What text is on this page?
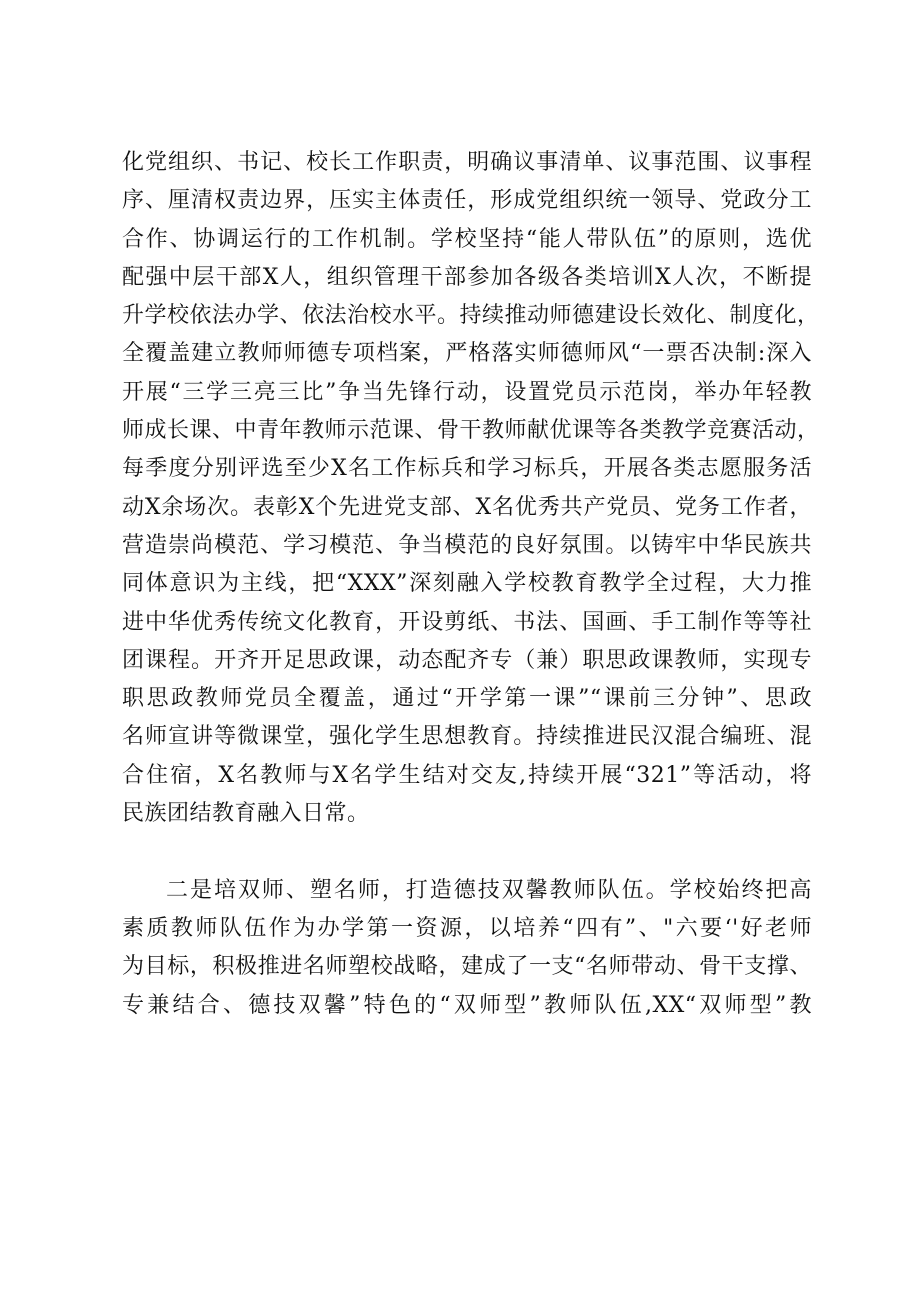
化党组织、书记、校长工作职责，明确议事清单、议事范围、议事程
序、厘清权责边界，压实主体责任，形成党组织统一领导、党政分工
合作、协调运行的工作机制。学校坚持“能人带队伍”的原则，选优
配强中层干部X人，组织管理干部参加各级各类培训X人次，不断提
升学校依法办学、依法治校水平。持续推动师德建设长效化、制度化，
全覆盖建立教师师德专项档案，严格落实师德师风“一票否决制:深入
开展“三学三亮三比”争当先锋行动，设置党员示范岗，举办年轻教
师成长课、中青年教师示范课、骨干教师献优课等各类教学竞赛活动，
每季度分别评选至少X名工作标兵和学习标兵，开展各类志愿服务活
动X余场次。表彰X个先进党支部、X名优秀共产党员、党务工作者，
营造崇尚模范、学习模范、争当模范的良好氛围。以铸牢中华民族共
同体意识为主线，把“XXX”深刻融入学校教育教学全过程，大力推
进中华优秀传统文化教育，开设剪纸、书法、国画、手工制作等等社
团课程。开齐开足思政课，动态配齐专（兼）职思政课教师，实现专
职思政教师党员全覆盖，通过“开学第一课”“课前三分钟”、思政
名师宣讲等微课堂，强化学生思想教育。持续推进民汉混合编班、混
合住宿，X名教师与X名学生结对交友,持续开展“321”等活动，将
民族团结教育融入日常。
二是培双师、塑名师，打造德技双馨教师队伍。学校始终把高
素质教师队伍作为办学第一资源，以培养“四有”、"六要‘'好老师
为目标，积极推进名师塑校战略，建成了一支“名师带动、骨干支撑、
专兼结合、德技双馨”特色的“双师型”教师队伍,XX“双师型”教
